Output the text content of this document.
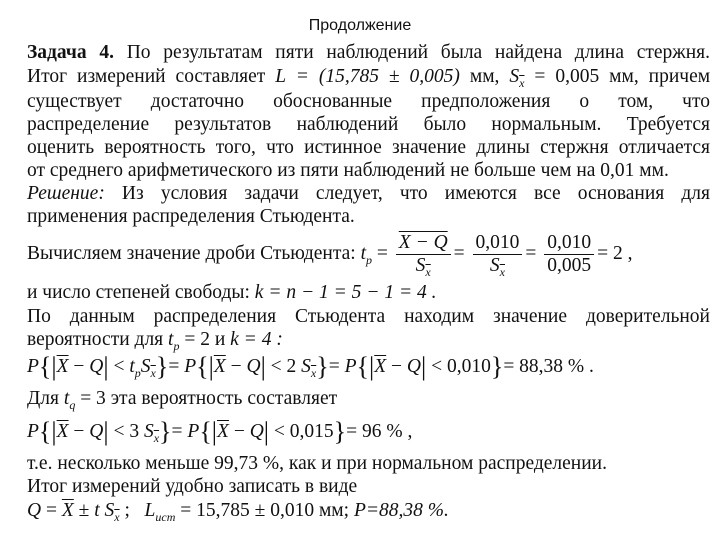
Продолжение
Задача 4. По результатам пяти наблюдений была найдена длина стержня.
Итог измерений составляет L = (15,785 ± 0,005) мм, $S_{\overline{x}} = 0,005$ мм, причем
существует достаточно обоснованные предположения о том, что
распределение результатов наблюдений было нормальным. Требуется
оценить вероятность того, что истинное значение длины стержня отличается
от среднего арифметического из пяти наблюдений не больше чем на 0,01 мм.
Решение: Из условия задачи следует, что имеются все основания для
применения распределения Стьюдента.
Вычисляем значение дроби Стьюдента: $t_p = \frac{X - Q}{S_{\overline{x}}} = \frac{0,010}{S_{\overline{x}}} = \frac{0,010}{0,005} = 2$ ,
и число степеней свободы: k = n − 1 = 5 − 1 = 4 .
По данным распределения Стьюдента находим значение доверительной
вероятности для $t_p = 2$ и k = 4 :
$P\{|\overline{X} - Q| < t_pS_{\overline{x}}\}= P\{|\overline{X} - Q| < 2$ $S_{\overline{x}}\}= P\{|\overline{X} - Q| < 0,010\}= 88,38$ % .
Для $t_q = 3$ эта вероятность составляет
$P\{|\overline{X} - Q| < 3$ $S_{\overline{x}}\}= P\{|\overline{X} - Q| < 0,015\}= 96$ % ,
т.е. несколько меньше 99,73 %, как и при нормальном распределении.
Итог измерений удобно записать в виде
$Q = \overline{X} \pm t$ $S_{\overline{x}}$ ;   $L_{ист} = 15,785 \pm 0,010$ мм; P=88,38 %.
